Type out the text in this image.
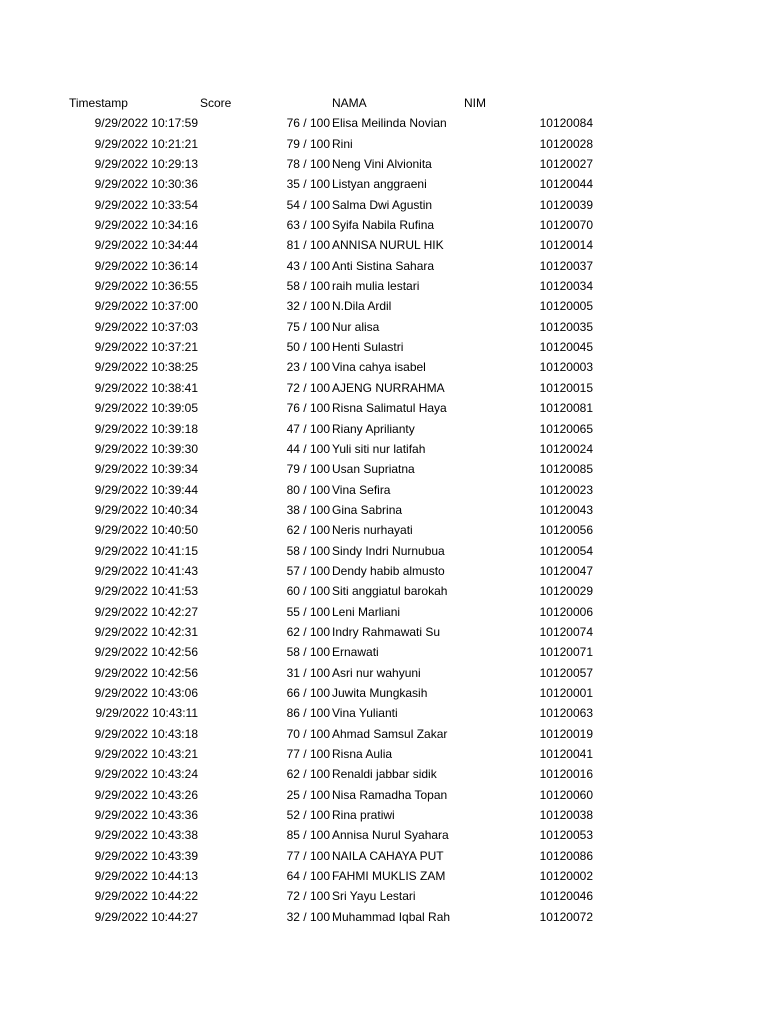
Timestamp	Score	NAMA	NIM
9/29/2022 10:17:59	76 / 100 Elisa Meilinda Novian	10120084
9/29/2022 10:21:21	79 / 100 Rini	10120028
9/29/2022 10:29:13	78 / 100 Neng Vini Alvionita	10120027
9/29/2022 10:30:36	35 / 100 Listyan anggraeni	10120044
9/29/2022 10:33:54	54 / 100 Salma Dwi Agustin	10120039
9/29/2022 10:34:16	63 / 100 Syifa Nabila Rufina	10120070
9/29/2022 10:34:44	81 / 100 ANNISA NURUL HIK	10120014
9/29/2022 10:36:14	43 / 100 Anti Sistina Sahara	10120037
9/29/2022 10:36:55	58 / 100 raih mulia lestari	10120034
9/29/2022 10:37:00	32 / 100 N.Dila Ardil	10120005
9/29/2022 10:37:03	75 / 100 Nur alisa	10120035
9/29/2022 10:37:21	50 / 100 Henti Sulastri	10120045
9/29/2022 10:38:25	23 / 100 Vina cahya isabel	10120003
9/29/2022 10:38:41	72 / 100 AJENG NURRAHMA	10120015
9/29/2022 10:39:05	76 / 100 Risna Salimatul Haya	10120081
9/29/2022 10:39:18	47 / 100 Riany Aprilianty	10120065
9/29/2022 10:39:30	44 / 100 Yuli siti nur latifah	10120024
9/29/2022 10:39:34	79 / 100 Usan Supriatna	10120085
9/29/2022 10:39:44	80 / 100 Vina Sefira	10120023
9/29/2022 10:40:34	38 / 100 Gina Sabrina	10120043
9/29/2022 10:40:50	62 / 100 Neris nurhayati	10120056
9/29/2022 10:41:15	58 / 100 Sindy Indri Nurnubua	10120054
9/29/2022 10:41:43	57 / 100 Dendy habib almusto	10120047
9/29/2022 10:41:53	60 / 100 Siti anggiatul barokah	10120029
9/29/2022 10:42:27	55 / 100 Leni Marliani	10120006
9/29/2022 10:42:31	62 / 100 Indry Rahmawati Su	10120074
9/29/2022 10:42:56	58 / 100 Ernawati	10120071
9/29/2022 10:42:56	31 / 100 Asri nur wahyuni	10120057
9/29/2022 10:43:06	66 / 100 Juwita Mungkasih	10120001
9/29/2022 10:43:11	86 / 100 Vina Yulianti	10120063
9/29/2022 10:43:18	70 / 100 Ahmad Samsul Zakar	10120019
9/29/2022 10:43:21	77 / 100 Risna Aulia	10120041
9/29/2022 10:43:24	62 / 100 Renaldi jabbar sidik	10120016
9/29/2022 10:43:26	25 / 100 Nisa Ramadha Topan	10120060
9/29/2022 10:43:36	52 / 100 Rina pratiwi	10120038
9/29/2022 10:43:38	85 / 100 Annisa Nurul Syahara	10120053
9/29/2022 10:43:39	77 / 100 NAILA CAHAYA PUT	10120086
9/29/2022 10:44:13	64 / 100 FAHMI MUKLIS ZAM	10120002
9/29/2022 10:44:22	72 / 100 Sri Yayu Lestari	10120046
9/29/2022 10:44:27	32 / 100 Muhammad Iqbal Rah	10120072
